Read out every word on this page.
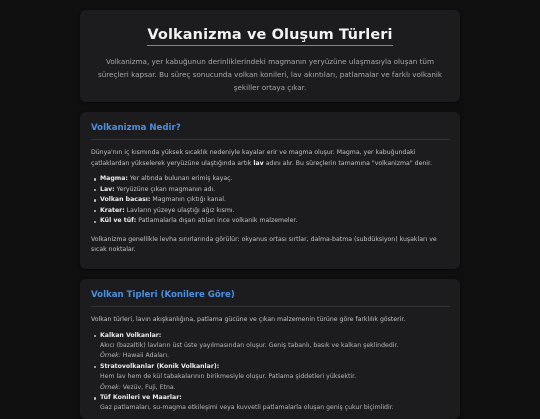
Volkanizma ve Oluşum Türleri

Volkanizma, yer kabuğunun derinliklerindeki magmanın yeryüzüne ulaşmasıyla oluşan tüm süreçleri kapsar. Bu süreç sonucunda volkan konileri, lav akıntıları, patlamalar ve farklı volkanik şekiller ortaya çıkar.

Volkanizma Nedir?

Dünya'nın iç kısmında yüksek sıcaklık nedeniyle kayalar erir ve magma oluşur. Magma, yer kabuğundaki çatlaklardan yükselerek yeryüzüne ulaştığında artık lav adını alır. Bu süreçlerin tamamına "volkanizma" denir.

Magma: Yer altında bulunan erimiş kayaç.
Lav: Yeryüzüne çıkan magmanın adı.
Volkan bacası: Magmanın çıktığı kanal.
Krater: Lavların yüzeye ulaştığı ağız kısmı.
Kül ve tüf: Patlamalarla dışarı atılan ince volkanik malzemeler.

Volkanizma genellikle levha sınırlarında görülür: okyanus ortası sırtlar, dalma-batma (subdüksiyon) kuşakları ve sıcak noktalar.

Volkan Tipleri (Konilere Göre)

Volkan türleri, lavın akışkanlığına, patlama gücüne ve çıkan malzemenin türüne göre farklılık gösterir.

Kalkan Volkanlar:
Akıcı (bazaltik) lavların üst üste yayılmasından oluşur. Geniş tabanlı, basık ve kalkan şeklindedir.
Örnek: Hawaii Adaları.
Stratovolkanlar (Konik Volkanlar):
Hem lav hem de kül tabakalarının birikmesiyle oluşur. Patlama şiddetleri yüksektir.
Örnek: Vezüv, Fuji, Etna.
Tüf Konileri ve Maarlar:
Gaz patlamaları, su-magma etkileşimi veya kuvvetli patlamalarla oluşan geniş çukur biçimlidir.
